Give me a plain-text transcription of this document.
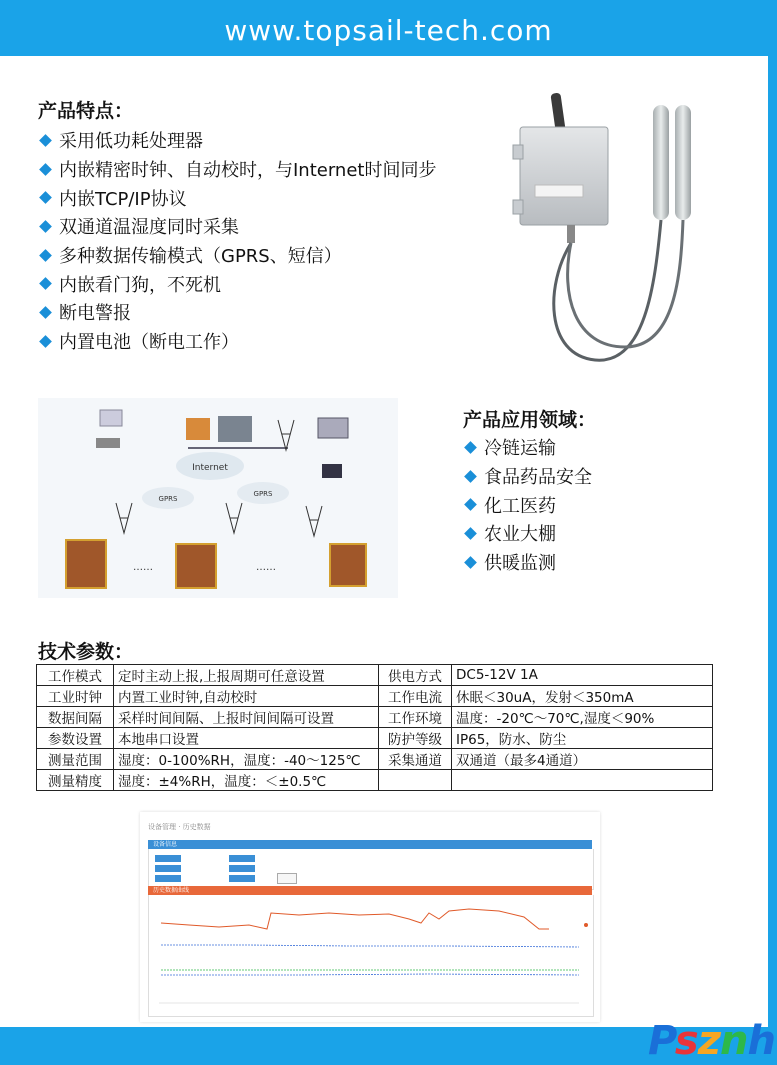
www.topsail-tech.com
产品特点：
采用低功耗处理器
内嵌精密时钟、自动校时，与Internet时间同步
内嵌TCP/IP协议
双通道温湿度同时采集
多种数据传输模式（GPRS、短信）
内嵌看门狗，不死机
断电警报
内置电池（断电工作）
Internet
GPRS
GPRS
……	……
产品应用领域：
冷链运输
食品药品安全
化工医药
农业大棚
供暖监测
技术参数：
工作模式	定时主动上报,上报周期可任意设置	供电方式	DC5-12V 1A
工业时钟	内置工业时钟,自动校时	工作电流	休眠＜30uA，发射＜350mA
数据间隔	采样时间间隔、上报时间间隔可设置	工作环境	温度：-20℃～70℃,湿度＜90%
参数设置	本地串口设置	防护等级	IP65，防水、防尘
测量范围	湿度：0-100%RH，温度：-40～125℃	采集通道	双通道（最多4通道）
测量精度	湿度：±4%RH，温度：＜±0.5℃		
设备管理 · 历史数据
设备信息
历史数据曲线
Psznh
